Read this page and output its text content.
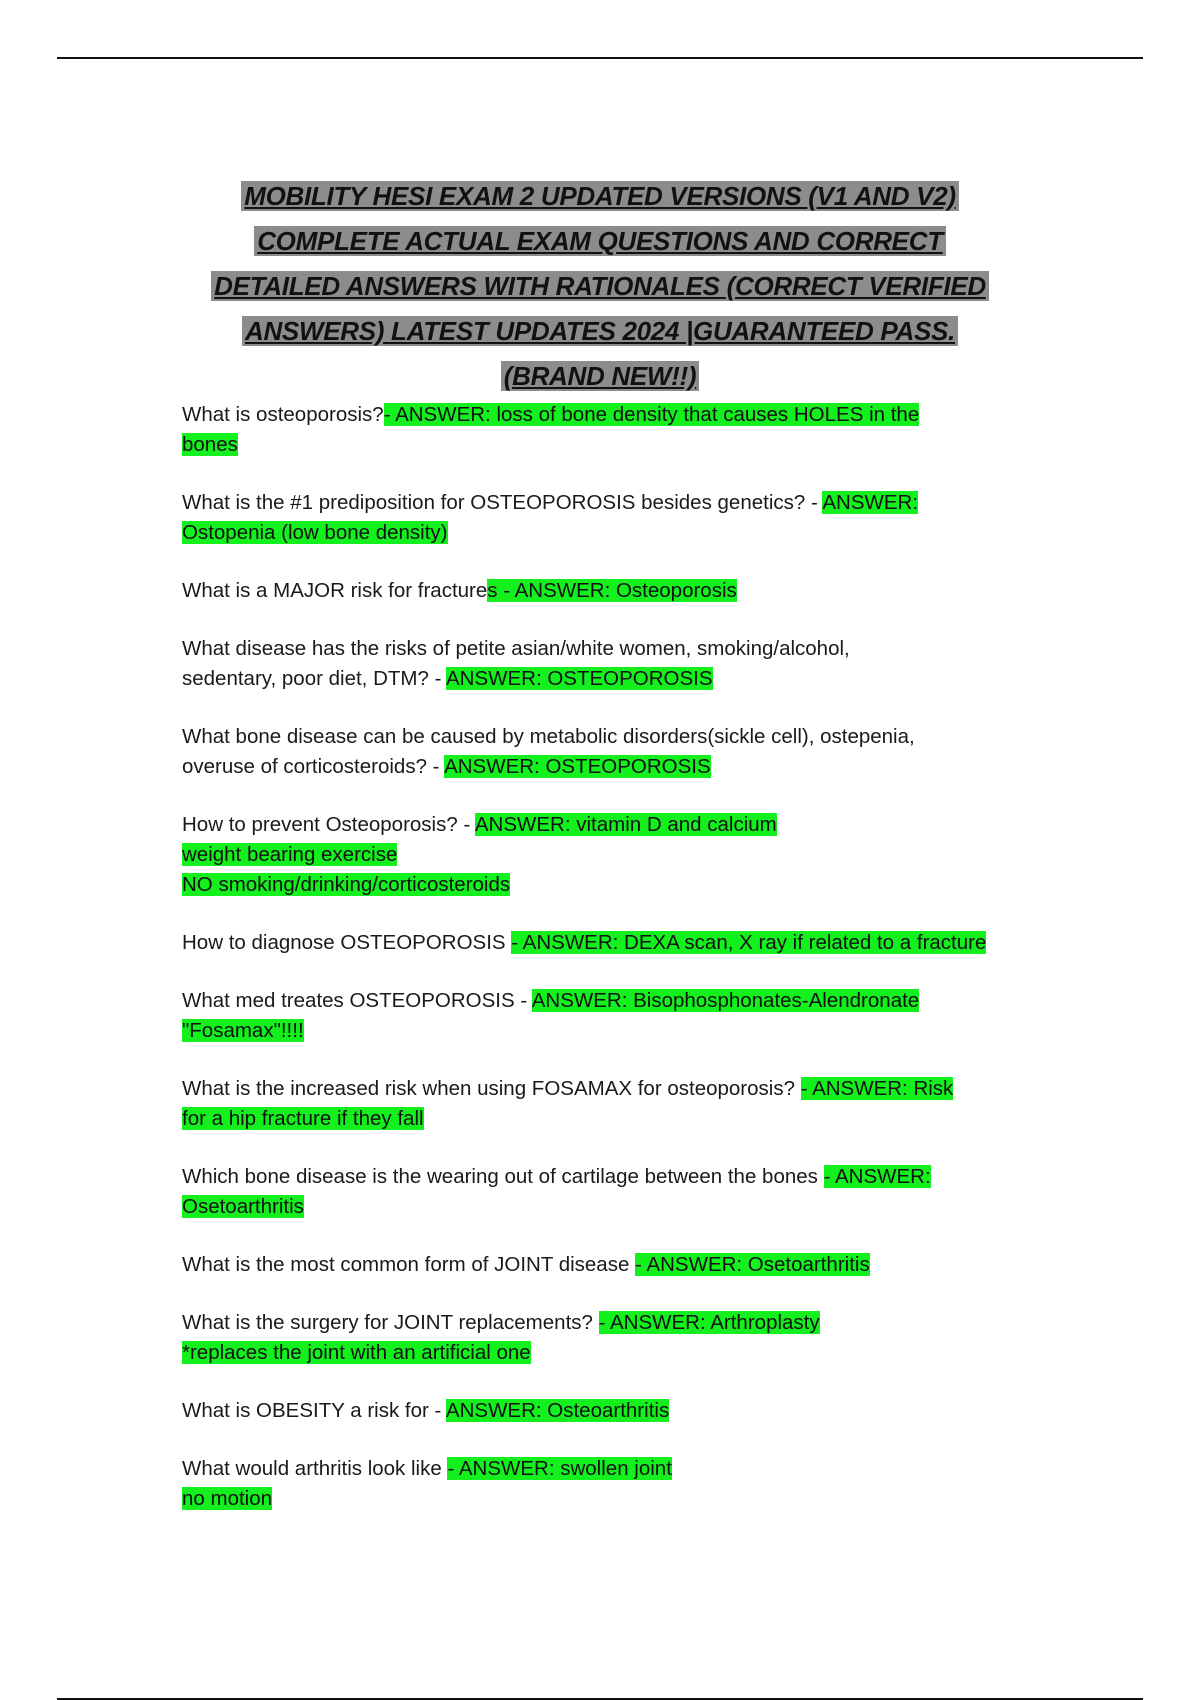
MOBILITY HESI EXAM 2 UPDATED VERSIONS (V1 AND V2)

COMPLETE ACTUAL EXAM QUESTIONS AND CORRECT

DETAILED ANSWERS WITH RATIONALES (CORRECT VERIFIED

ANSWERS) LATEST UPDATES 2024 |GUARANTEED PASS.

(BRAND NEW!!)

What is osteoporosis?- ANSWER: loss of bone density that causes HOLES in the
bones

What is the #1 prediposition for OSTEOPOROSIS besides genetics? - ANSWER:
Ostopenia (low bone density)

What is a MAJOR risk for fractures - ANSWER: Osteoporosis

What disease has the risks of petite asian/white women, smoking/alcohol,
sedentary, poor diet, DTM? - ANSWER: OSTEOPOROSIS

What bone disease can be caused by metabolic disorders(sickle cell), ostepenia,
overuse of corticosteroids? - ANSWER: OSTEOPOROSIS

How to prevent Osteoporosis? - ANSWER: vitamin D and calcium
weight bearing exercise
NO smoking/drinking/corticosteroids

How to diagnose OSTEOPOROSIS - ANSWER: DEXA scan, X ray if related to a fracture

What med treates OSTEOPOROSIS - ANSWER: Bisophosphonates-Alendronate
"Fosamax"!!!!

What is the increased risk when using FOSAMAX for osteoporosis? - ANSWER: Risk
for a hip fracture if they fall

Which bone disease is the wearing out of cartilage between the bones - ANSWER:
Osetoarthritis

What is the most common form of JOINT disease - ANSWER: Osetoarthritis

What is the surgery for JOINT replacements? - ANSWER: Arthroplasty
*replaces the joint with an artificial one

What is OBESITY a risk for - ANSWER: Osteoarthritis

What would arthritis look like - ANSWER: swollen joint
no motion
